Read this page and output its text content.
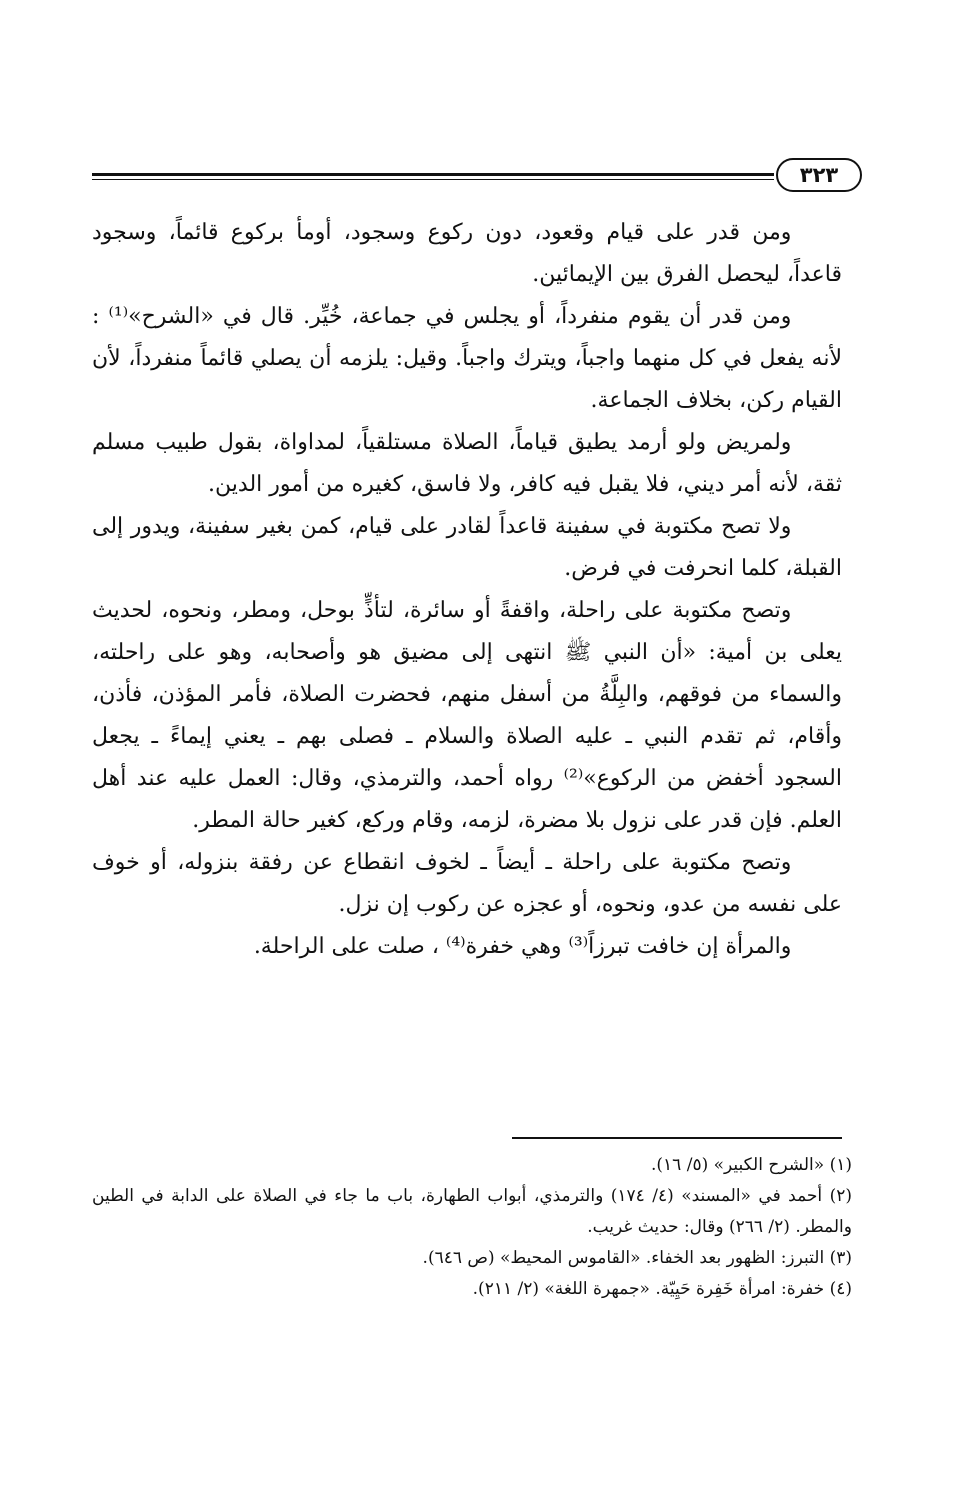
٣٢٣

ومن قدر على قيام وقعود، دون ركوع وسجود، أومأ بركوع قائماً، وسجود قاعداً، ليحصل الفرق بين الإيمائين.

ومن قدر أن يقوم منفرداً، أو يجلس في جماعة، خُيِّر. قال في «الشرح»⁽¹⁾ : لأنه يفعل في كل منهما واجباً، ويترك واجباً. وقيل: يلزمه أن يصلي قائماً منفرداً، لأن القيام ركن، بخلاف الجماعة.

ولمريض ولو أرمد يطيق قياماً، الصلاة مستلقياً، لمداواة، بقول طبيب مسلم ثقة، لأنه أمر ديني، فلا يقبل فيه كافر، ولا فاسق، كغيره من أمور الدين.

ولا تصح مكتوبة في سفينة قاعداً لقادر على قيام، كمن بغير سفينة، ويدور إلى القبلة، كلما انحرفت في فرض.

وتصح مكتوبة على راحلة، واقفةً أو سائرة، لتأذٍّ بوحل، ومطر، ونحوه، لحديث يعلى بن أمية: «أن النبي ﷺ انتهى إلى مضيق هو وأصحابه، وهو على راحلته، والسماء من فوقهم، والبِلَّةُ من أسفل منهم، فحضرت الصلاة، فأمر المؤذن، فأذن، وأقام، ثم تقدم النبي ـ عليه الصلاة والسلام ـ فصلى بهم ـ يعني إيماءً ـ يجعل السجود أخفض من الركوع»⁽²⁾ رواه أحمد، والترمذي، وقال: العمل عليه عند أهل العلم. فإن قدر على نزول بلا مضرة، لزمه، وقام وركع، كغير حالة المطر.

وتصح مكتوبة على راحلة ـ أيضاً ـ لخوف انقطاع عن رفقة بنزوله، أو خوف على نفسه من عدو، ونحوه، أو عجزه عن ركوب إن نزل.

والمرأة إن خافت تبرزاً⁽³⁾ وهي خفرة⁽⁴⁾ ، صلت على الراحلة.

(١) «الشرح الكبير» (٥/ ١٦).

(٢) أحمد في «المسند» (٤/ ١٧٤) والترمذي، أبواب الطهارة، باب ما جاء في الصلاة على الدابة في الطين والمطر. (٢/ ٢٦٦) وقال: حديث غريب.

(٣) التبرز: الظهور بعد الخفاء. «القاموس المحيط» (ص ٦٤٦).

(٤) خفرة: امرأة خَفِرة حَيِيّة. «جمهرة اللغة» (٢/ ٢١١).
